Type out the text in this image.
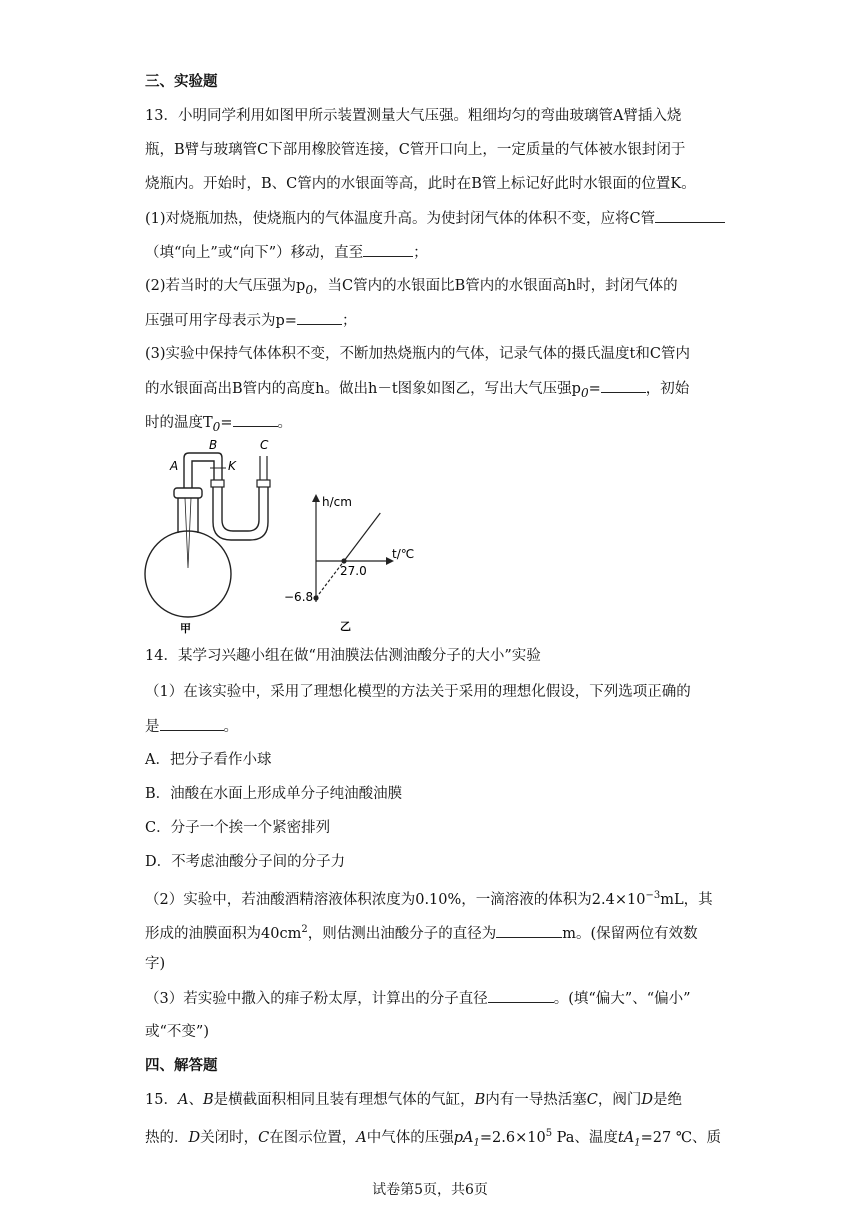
三、实验题
13．小明同学利用如图甲所示装置测量大气压强。粗细均匀的弯曲玻璃管A臂插入烧
瓶，B臂与玻璃管C下部用橡胶管连接，C管开口向上，一定质量的气体被水银封闭于
烧瓶内。开始时，B、C管内的水银面等高，此时在B管上标记好此时水银面的位置K。
(1)对烧瓶加热，使烧瓶内的气体温度升高。为使封闭气体的体积不变，应将C管
（填“向上”或“向下”）移动，直至	；
(2)若当时的大气压强为$p_0$，当C管内的水银面比B管内的水银面高h时，封闭气体的
压强可用字母表示为p=	；
(3)实验中保持气体体积不变，不断加热烧瓶内的气体，记录气体的摄氏温度t和C管内
的水银面高出B管内的高度h。做出h－t图象如图乙，写出大气压强$p_0=$	，初始
时的温度$T_0=$	。
A
B	C
K
甲
h/cm
t/℃
27.0
−6.8
乙
14．某学习兴趣小组在做“用油膜法估测油酸分子的大小”实验
（1）在该实验中，采用了理想化模型的方法关于采用的理想化假设，下列选项正确的
是	。
A．把分子看作小球
B．油酸在水面上形成单分子纯油酸油膜
C．分子一个挨一个紧密排列
D．不考虑油酸分子间的分子力
（2）实验中，若油酸酒精溶液体积浓度为0.10%，一滴溶液的体积为$2.4\times 10^{-3}mL$，其
形成的油膜面积为$40cm^2$，则估测出油酸分子的直径为	m。(保留两位有效数
字)
（3）若实验中撒入的痱子粉太厚，计算出的分子直径	。(填“偏大”、“偏小”
或“不变”)
四、解答题
15．A、B是横截面积相同且装有理想气体的气缸，B内有一导热活塞C，阀门D是绝
热的．D关闭时，C在图示位置，A中气体的压强$pA_1=2.6\times 10^5$ Pa、温度$tA_1=27$ ℃、质
试卷第5页，共6页
